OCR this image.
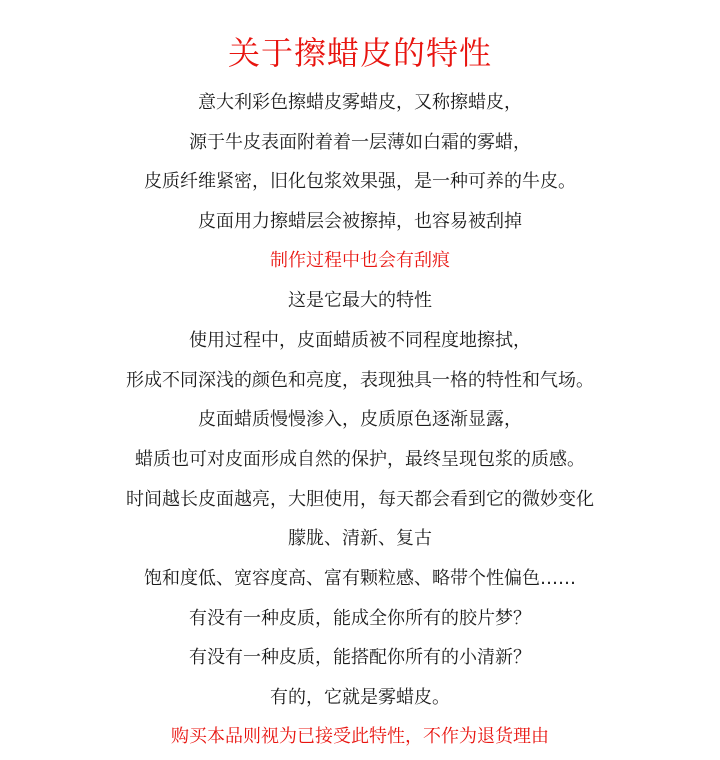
关于擦蜡皮的特性
意大利彩色擦蜡皮雾蜡皮，又称擦蜡皮，
源于牛皮表面附着着一层薄如白霜的雾蜡，
皮质纤维紧密，旧化包浆效果强，是一种可养的牛皮。
皮面用力擦蜡层会被擦掉，也容易被刮掉
制作过程中也会有刮痕
这是它最大的特性
使用过程中，皮面蜡质被不同程度地擦拭，
形成不同深浅的颜色和亮度，表现独具一格的特性和气场。
皮面蜡质慢慢渗入，皮质原色逐渐显露，
蜡质也可对皮面形成自然的保护，最终呈现包浆的质感。
时间越长皮面越亮，大胆使用，每天都会看到它的微妙变化
朦胧、清新、复古
饱和度低、宽容度高、富有颗粒感、略带个性偏色……
有没有一种皮质，能成全你所有的胶片梦？
有没有一种皮质，能搭配你所有的小清新？
有的，它就是雾蜡皮。
购买本品则视为已接受此特性，不作为退货理由
